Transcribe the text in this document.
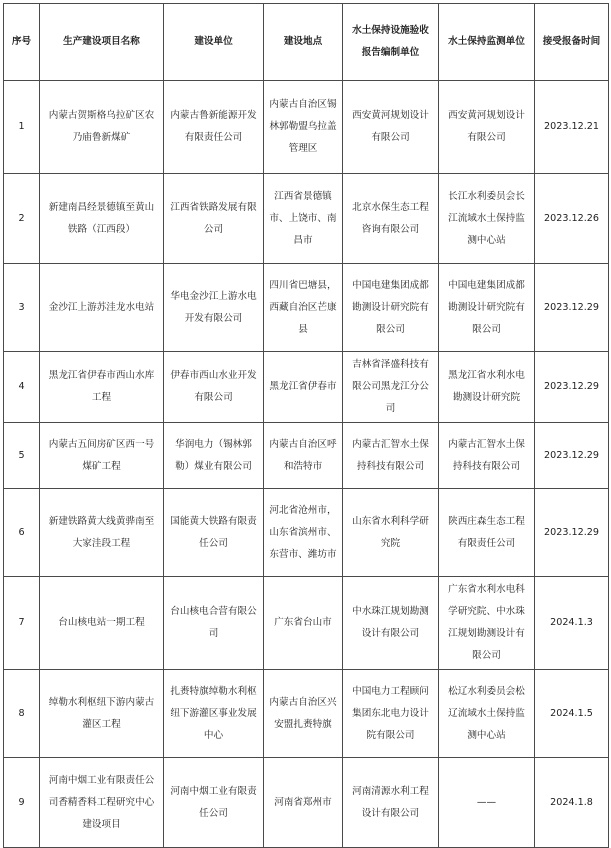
序号	生产建设项目名称	建设单位	建设地点	水土保持设施验收报告编制单位	水土保持监测单位	接受报备时间
1	内蒙古贺斯格乌拉矿区农乃庙鲁新煤矿	内蒙古鲁新能源开发有限责任公司	内蒙古自治区锡林郭勒盟乌拉盖管理区	西安黄河规划设计有限公司	西安黄河规划设计有限公司	2023.12.21
2	新建南昌经景德镇至黄山铁路（江西段）	江西省铁路发展有限公司	江西省景德镇市、上饶市、南昌市	北京水保生态工程咨询有限公司	长江水利委员会长江流域水土保持监测中心站	2023.12.26
3	金沙江上游苏洼龙水电站	华电金沙江上游水电开发有限公司	四川省巴塘县，西藏自治区芒康县	中国电建集团成都勘测设计研究院有限公司	中国电建集团成都勘测设计研究院有限公司	2023.12.29
4	黑龙江省伊春市西山水库工程	伊春市西山水业开发有限公司	黑龙江省伊春市	吉林省泽盛科技有限公司黑龙江分公司	黑龙江省水利水电勘测设计研究院	2023.12.29
5	内蒙古五间房矿区西一号煤矿工程	华润电力（锡林郭勒）煤业有限公司	内蒙古自治区呼和浩特市	内蒙古汇智水土保持科技有限公司	内蒙古汇智水土保持科技有限公司	2023.12.29
6	新建铁路黄大线黄骅南至大家洼段工程	国能黄大铁路有限责任公司	河北省沧州市，山东省滨州市、东营市、潍坊市	山东省水利科学研究院	陕西庄森生态工程有限责任公司	2023.12.29
7	台山核电站一期工程	台山核电合营有限公司	广东省台山市	中水珠江规划勘测设计有限公司	广东省水利水电科学研究院、中水珠江规划勘测设计有限公司	2024.1.3
8	绰勒水利枢纽下游内蒙古灌区工程	扎赉特旗绰勒水利枢纽下游灌区事业发展中心	内蒙古自治区兴安盟扎赉特旗	中国电力工程顾问集团东北电力设计院有限公司	松辽水利委员会松辽流域水土保持监测中心站	2024.1.5
9	河南中烟工业有限责任公司香精香料工程研究中心建设项目	河南中烟工业有限责任公司	河南省郑州市	河南清源水利工程设计有限公司	——	2024.1.8
